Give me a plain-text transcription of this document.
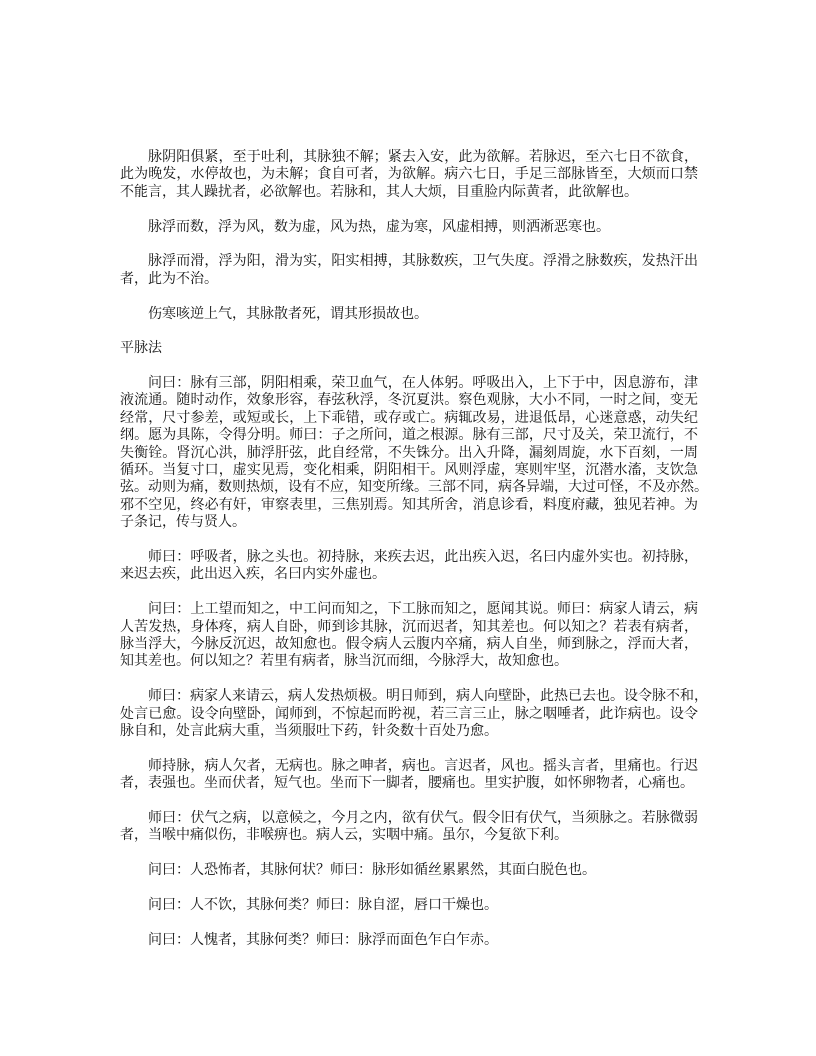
脉阴阳俱紧，至于吐利，其脉独不解；紧去入安，此为欲解。若脉迟，至六七日不欲食，
此为晚发，水停故也，为未解；食自可者，为欲解。病六七日，手足三部脉皆至，大烦而口禁
不能言，其人躁扰者，必欲解也。若脉和，其人大烦，目重脸内际黄者，此欲解也。
脉浮而数，浮为风，数为虚，风为热，虚为寒，风虚相搏，则洒淅恶寒也。
脉浮而滑，浮为阳，滑为实，阳实相搏，其脉数疾，卫气失度。浮滑之脉数疾，发热汗出
者，此为不治。
伤寒咳逆上气，其脉散者死，谓其形损故也。
平脉法
问曰：脉有三部，阴阳相乘，荣卫血气，在人体躬。呼吸出入，上下于中，因息游布，津
液流通。随时动作，效象形容，春弦秋浮，冬沉夏洪。察色观脉，大小不同，一时之间，变无
经常，尺寸参差，或短或长，上下乖错，或存或亡。病辄改易，进退低昂，心迷意惑，动失纪
纲。愿为具陈，令得分明。师曰：子之所问，道之根源。脉有三部，尺寸及关，荣卫流行，不
失衡铨。肾沉心洪，肺浮肝弦，此自经常，不失铢分。出入升降，漏刻周旋，水下百刻，一周
循环。当复寸口，虚实见焉，变化相乘，阴阳相干。风则浮虚，寒则牢坚，沉潜水滀，支饮急
弦。动则为痛，数则热烦，设有不应，知变所缘。三部不同，病各异端，大过可怪，不及亦然。
邪不空见，终必有奸，审察表里，三焦别焉。知其所舍，消息诊看，料度府藏，独见若神。为
子条记，传与贤人。
师曰：呼吸者，脉之头也。初持脉，来疾去迟，此出疾入迟，名曰内虚外实也。初持脉，
来迟去疾，此出迟入疾，名曰内实外虚也。
问曰：上工望而知之，中工问而知之，下工脉而知之，愿闻其说。师曰：病家人请云，病
人苦发热，身体疼，病人自卧，师到诊其脉，沉而迟者，知其差也。何以知之？若表有病者，
脉当浮大，今脉反沉迟，故知愈也。假令病人云腹内卒痛，病人自坐，师到脉之，浮而大者，
知其差也。何以知之？若里有病者，脉当沉而细，今脉浮大，故知愈也。
师曰：病家人来请云，病人发热烦极。明日师到，病人向壁卧，此热已去也。设令脉不和，
处言已愈。设令向壁卧，闻师到，不惊起而盻视，若三言三止，脉之咽唾者，此诈病也。设令
脉自和，处言此病大重，当须服吐下药，针灸数十百处乃愈。
师持脉，病人欠者，无病也。脉之呻者，病也。言迟者，风也。摇头言者，里痛也。行迟
者，表强也。坐而伏者，短气也。坐而下一脚者，腰痛也。里实护腹，如怀卵物者，心痛也。
师曰：伏气之病，以意候之，今月之内，欲有伏气。假令旧有伏气，当须脉之。若脉微弱
者，当喉中痛似伤，非喉痹也。病人云，实咽中痛。虽尔，今复欲下利。
问曰：人恐怖者，其脉何状？师曰：脉形如循丝累累然，其面白脱色也。
问曰：人不饮，其脉何类？师曰：脉自涩，唇口干燥也。
问曰：人愧者，其脉何类？师曰：脉浮而面色乍白乍赤。
